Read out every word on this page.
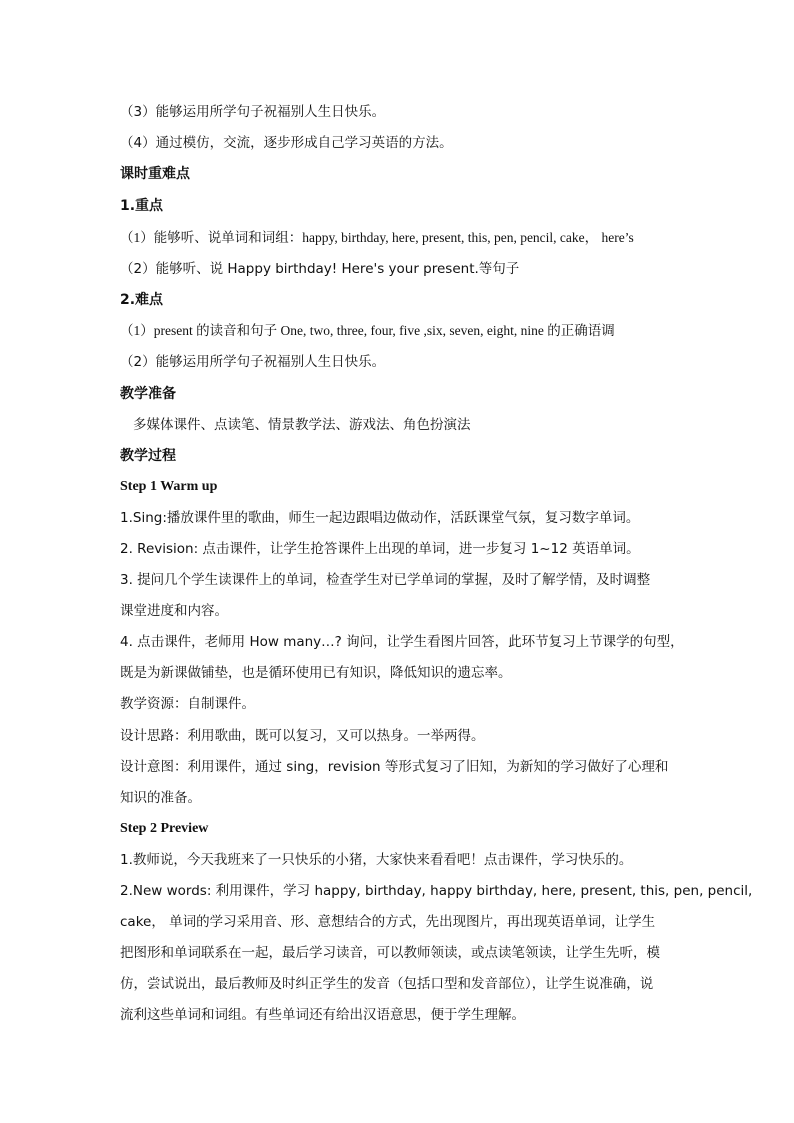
（3）能够运用所学句子祝福别人生日快乐。
（4）通过模仿，交流，逐步形成自己学习英语的方法。
课时重难点
1.重点
（1）能够听、说单词和词组：happy, birthday, here, present, this, pen, pencil, cake， here’s
（2）能够听、说 Happy birthday! Here's your present.等句子
2.难点
（1）present 的读音和句子 One, two, three, four, five ,six, seven, eight, nine 的正确语调
（2）能够运用所学句子祝福别人生日快乐。
教学准备
多媒体课件、点读笔、情景教学法、游戏法、角色扮演法
教学过程
Step 1 Warm up
1.Sing:播放课件里的歌曲，师生一起边跟唱边做动作，活跃课堂气氛，复习数字单词。
2. Revision: 点击课件，让学生抢答课件上出现的单词，进一步复习 1~12 英语单词。
3. 提问几个学生读课件上的单词，检查学生对已学单词的掌握，及时了解学情，及时调整
课堂进度和内容。
4. 点击课件，老师用 How many…? 询问，让学生看图片回答，此环节复习上节课学的句型，
既是为新课做铺垫，也是循环使用已有知识，降低知识的遗忘率。
教学资源：自制课件。
设计思路：利用歌曲，既可以复习，又可以热身。一举两得。
设计意图：利用课件，通过 sing，revision 等形式复习了旧知，为新知的学习做好了心理和
知识的准备。
Step 2 Preview
1.教师说，今天我班来了一只快乐的小猪，大家快来看看吧！点击课件，学习快乐的。
2.New words: 利用课件，学习 happy, birthday, happy birthday, here, present, this, pen, pencil,
cake， 单词的学习采用音、形、意想结合的方式，先出现图片，再出现英语单词，让学生
把图形和单词联系在一起，最后学习读音，可以教师领读，或点读笔领读，让学生先听，模
仿，尝试说出，最后教师及时纠正学生的发音（包括口型和发音部位），让学生说准确，说
流利这些单词和词组。有些单词还有给出汉语意思，便于学生理解。
